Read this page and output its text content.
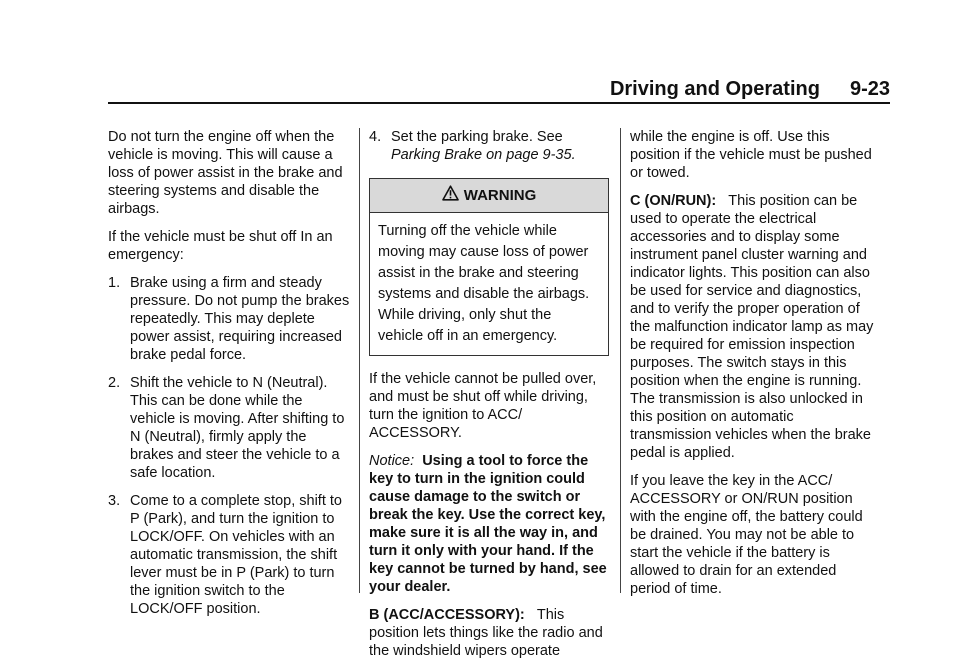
Driving and Operating 9-23

Do not turn the engine off when the vehicle is moving. This will cause a loss of power assist in the brake and steering systems and disable the airbags.

If the vehicle must be shut off In an emergency:

1. Brake using a firm and steady pressure. Do not pump the brakes repeatedly. This may deplete power assist, requiring increased brake pedal force.
2. Shift the vehicle to N (Neutral). This can be done while the vehicle is moving. After shifting to N (Neutral), firmly apply the brakes and steer the vehicle to a safe location.
3. Come to a complete stop, shift to P (Park), and turn the ignition to LOCK/OFF. On vehicles with an automatic transmission, the shift lever must be in P (Park) to turn the ignition switch to the LOCK/OFF position.
4. Set the parking brake. See
Parking Brake on page 9-35.
WARNING
Turning off the vehicle while moving may cause loss of power assist in the brake and steering systems and disable the airbags. While driving, only shut the vehicle off in an emergency.

If the vehicle cannot be pulled over, and must be shut off while driving, turn the ignition to ACC/ ACCESSORY.

Notice: Using a tool to force the key to turn in the ignition could cause damage to the switch or break the key. Use the correct key, make sure it is all the way in, and turn it only with your hand. If the key cannot be turned by hand, see your dealer.

B (ACC/ACCESSORY): This position lets things like the radio and the windshield wipers operate

while the engine is off. Use this position if the vehicle must be pushed or towed.

C (ON/RUN): This position can be used to operate the electrical accessories and to display some instrument panel cluster warning and indicator lights. This position can also be used for service and diagnostics, and to verify the proper operation of the malfunction indicator lamp as may be required for emission inspection purposes. The switch stays in this position when the engine is running. The transmission is also unlocked in this position on automatic transmission vehicles when the brake pedal is applied.

If you leave the key in the ACC/ ACCESSORY or ON/RUN position with the engine off, the battery could be drained. You may not be able to start the vehicle if the battery is allowed to drain for an extended period of time.
